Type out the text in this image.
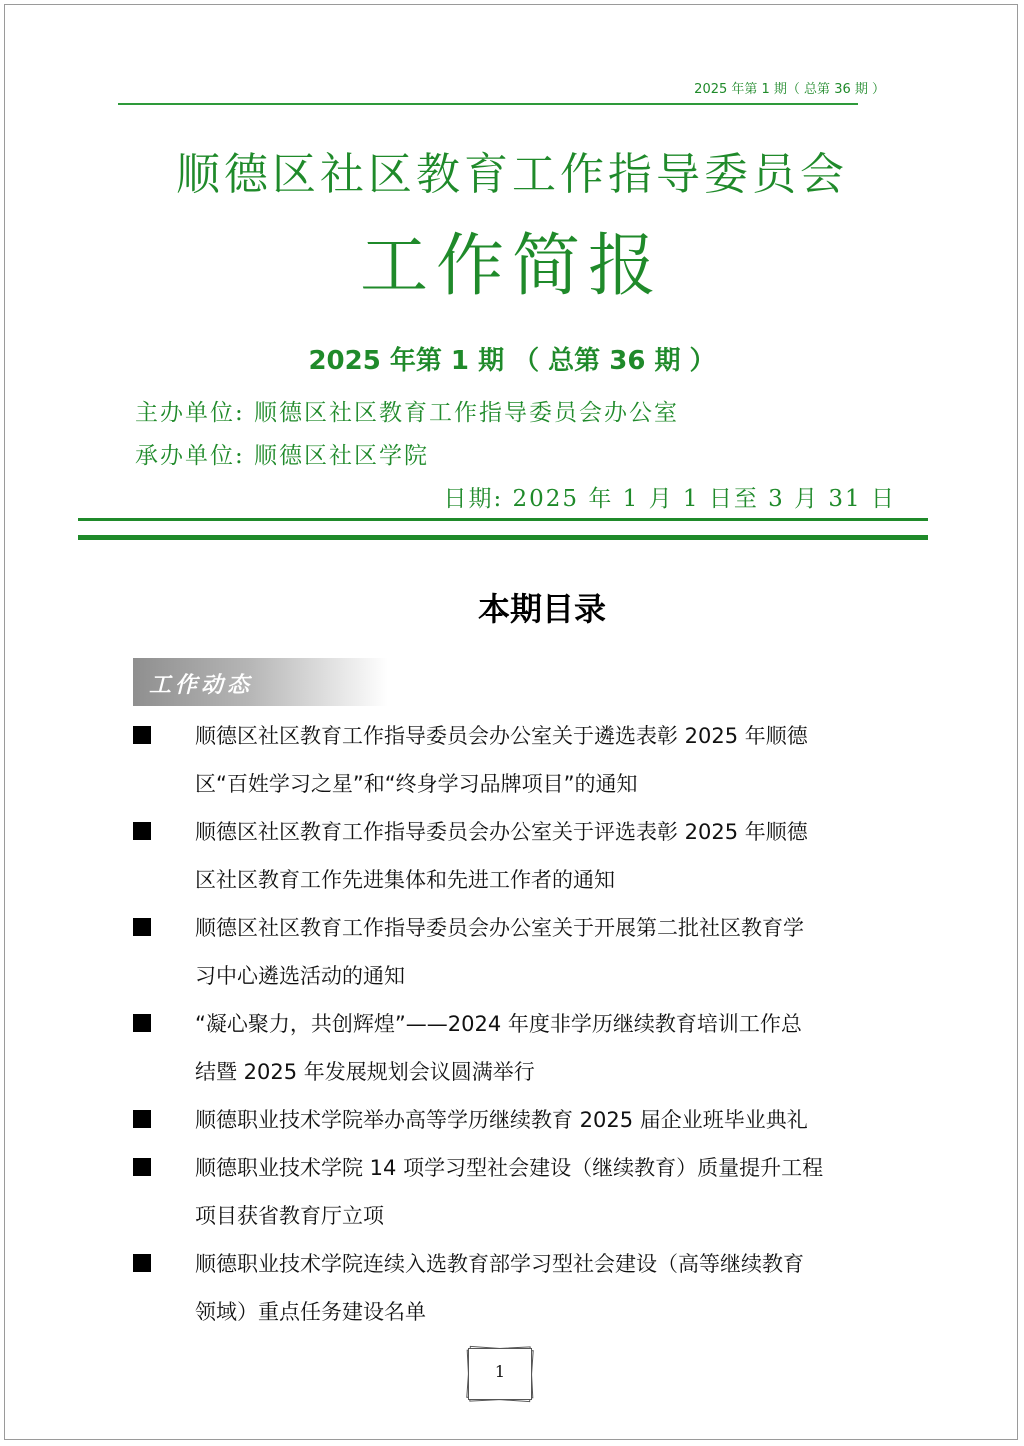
2025 年第 1 期（ 总第 36 期 ）
顺德区社区教育工作指导委员会
工作简报
2025 年第 1 期 （ 总第 36 期 ）
主办单位: 顺德区社区教育工作指导委员会办公室
承办单位: 顺德区社区学院
日期: 2025 年 1 月 1 日至 3 月 31 日
本期目录
工作动态
顺德区社区教育工作指导委员会办公室关于遴选表彰 2025 年顺德
区“百姓学习之星”和“终身学习品牌项目”的通知
顺德区社区教育工作指导委员会办公室关于评选表彰 2025 年顺德
区社区教育工作先进集体和先进工作者的通知
顺德区社区教育工作指导委员会办公室关于开展第二批社区教育学
习中心遴选活动的通知
“凝心聚力，共创辉煌”——2024 年度非学历继续教育培训工作总
结暨 2025 年发展规划会议圆满举行
顺德职业技术学院举办高等学历继续教育 2025 届企业班毕业典礼
顺德职业技术学院 14 项学习型社会建设（继续教育）质量提升工程
项目获省教育厅立项
顺德职业技术学院连续入选教育部学习型社会建设（高等继续教育
领域）重点任务建设名单
1
